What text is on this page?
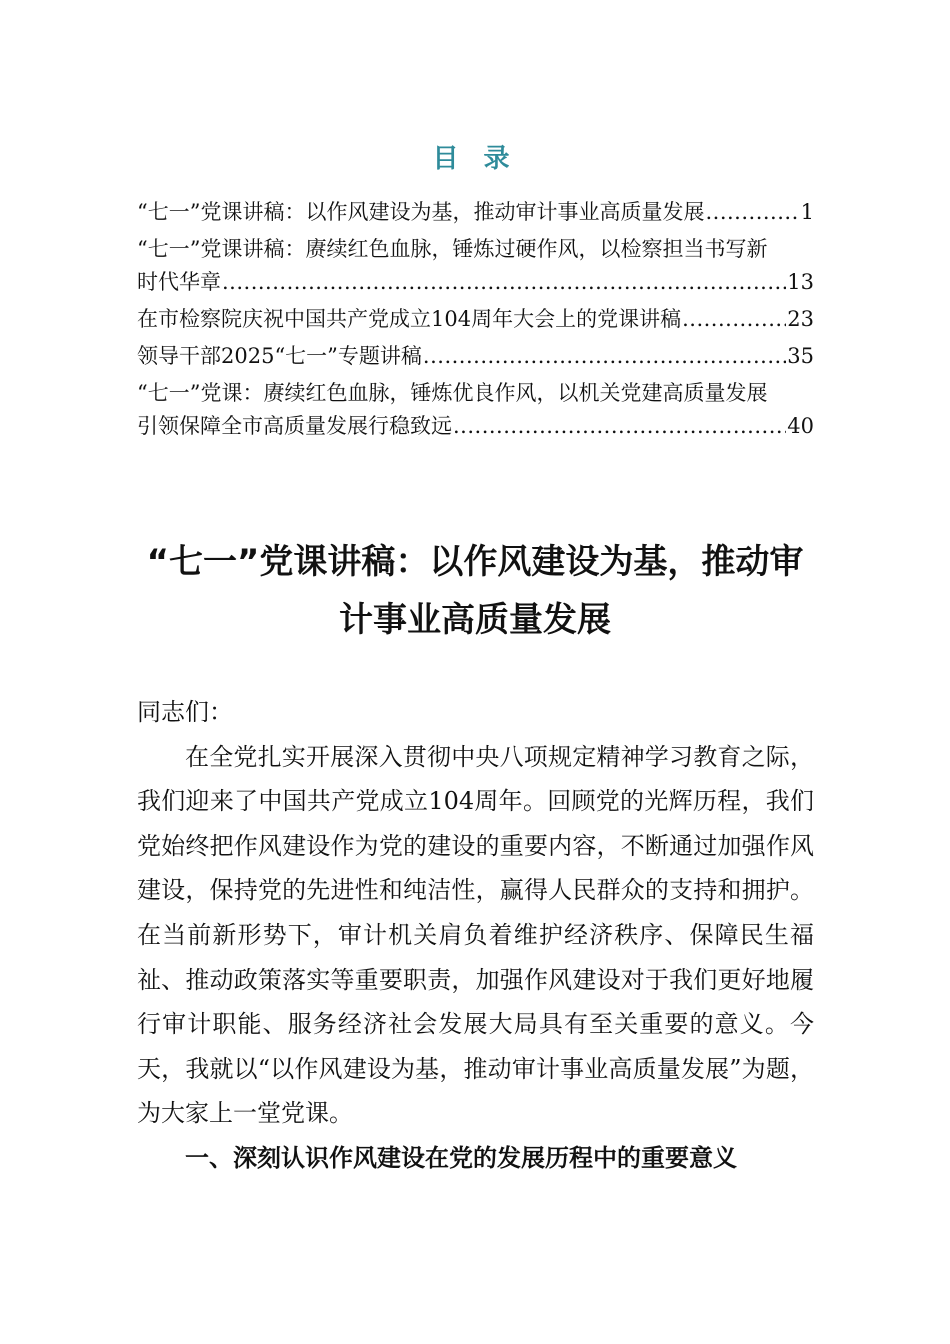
目 录
“七一”党课讲稿：以作风建设为基，推动审计事业高质量发展 .....	1
“七一”党课讲稿：赓续红色血脉，锤炼过硬作风，以检察担当书写新
时代华章 .....	13
在市检察院庆祝中国共产党成立104周年大会上的党课讲稿 .....	23
领导干部2025“七一”专题讲稿 .....	35
“七一”党课：赓续红色血脉，锤炼优良作风，以机关党建高质量发展
引领保障全市高质量发展行稳致远 .....	40
“七一”党课讲稿：以作风建设为基，推动审
计事业高质量发展

同志们：

在全党扎实开展深入贯彻中央八项规定精神学习教育之际，我们迎来了中国共产党成立104周年。回顾党的光辉历程，我们党始终把作风建设作为党的建设的重要内容，不断通过加强作风建设，保持党的先进性和纯洁性，赢得人民群众的支持和拥护。在当前新形势下，审计机关肩负着维护经济秩序、保障民生福祉、推动政策落实等重要职责，加强作风建设对于我们更好地履行审计职能、服务经济社会发展大局具有至关重要的意义。今天，我就以“以作风建设为基，推动审计事业高质量发展”为题，为大家上一堂党课。

一、深刻认识作风建设在党的发展历程中的重要意义
